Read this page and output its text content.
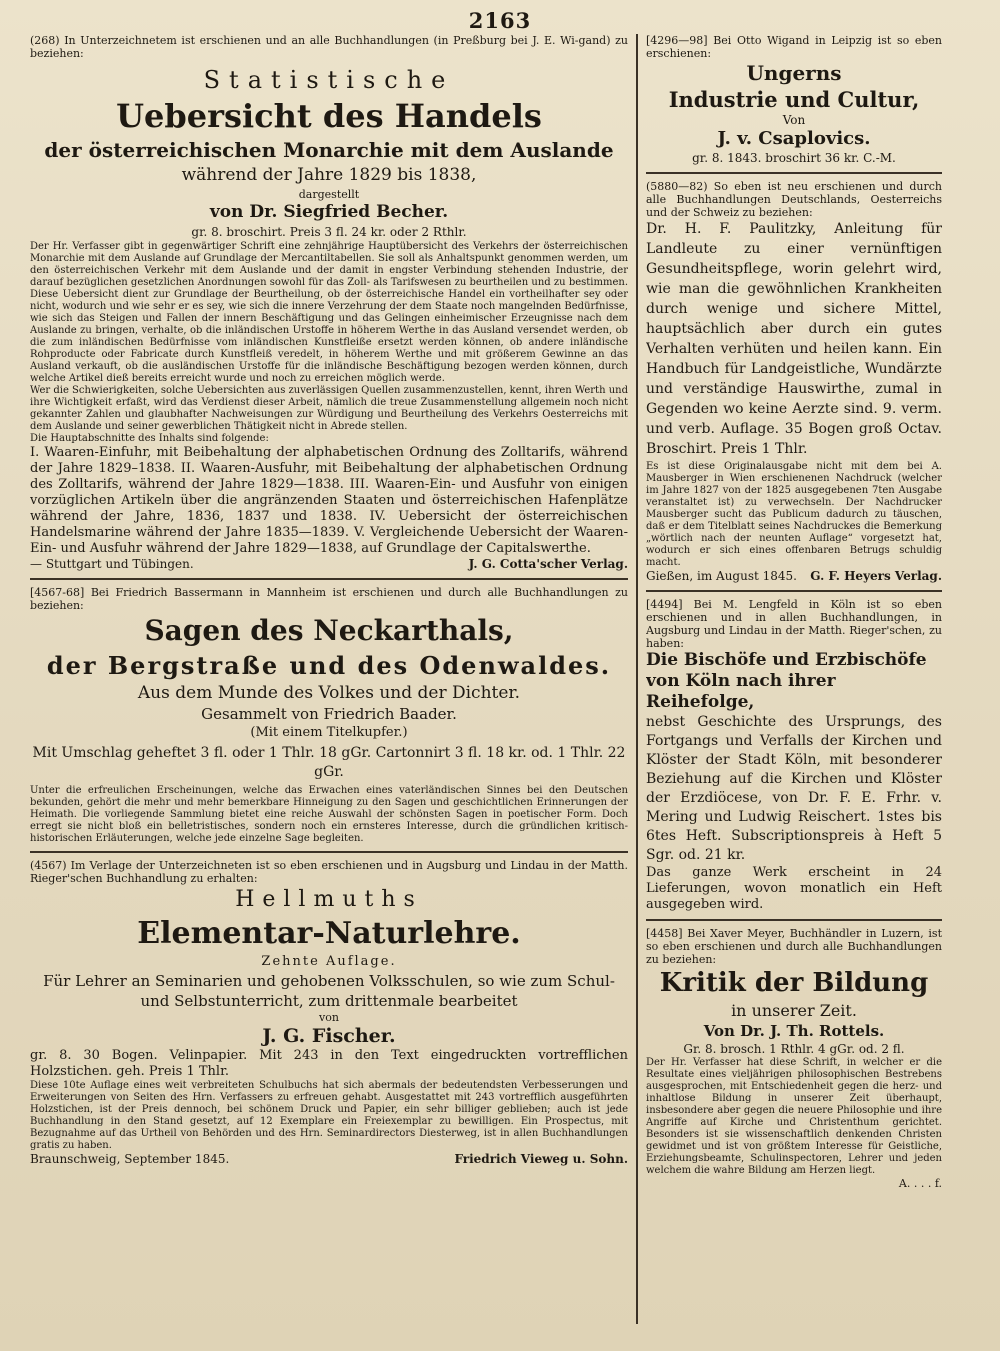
2163

(268) In Unterzeichnetem ist erschienen und an alle Buchhandlungen (in Preßburg bei J. E. Wi-gand) zu beziehen:

Statistische

Uebersicht des Handels

der österreichischen Monarchie mit dem Auslande

während der Jahre 1829 bis 1838,

dargestellt

von Dr. Siegfried Becher.

gr. 8. broschirt. Preis 3 fl. 24 kr. oder 2 Rthlr.

Der Hr. Verfasser gibt in gegenwärtiger Schrift eine zehnjährige Hauptübersicht des Verkehrs der österreichischen Monarchie mit dem Auslande auf Grundlage der Mercantiltabellen. Sie soll als Anhaltspunkt genommen werden, um den österreichischen Verkehr mit dem Auslande und der damit in engster Verbindung stehenden Industrie, der darauf bezüglichen gesetzlichen Anordnungen sowohl für das Zoll- als Tarifswesen zu beurtheilen und zu bestimmen. Diese Uebersicht dient zur Grundlage der Beurtheilung, ob der österreichische Handel ein vortheilhafter sey oder nicht, wodurch und wie sehr er es sey, wie sich die innere Verzehrung der dem Staate noch mangelnden Bedürfnisse, wie sich das Steigen und Fallen der innern Beschäftigung und das Gelingen einheimischer Erzeugnisse nach dem Auslande zu bringen, verhalte, ob die inländischen Urstoffe in höherem Werthe in das Ausland versendet werden, ob die zum inländischen Bedürfnisse vom inländischen Kunstfleiße ersetzt werden können, ob andere inländische Rohproducte oder Fabricate durch Kunstfleiß veredelt, in höherem Werthe und mit größerem Gewinne an das Ausland verkauft, ob die ausländischen Urstoffe für die inländische Beschäftigung bezogen werden können, durch welche Artikel dieß bereits erreicht wurde und noch zu erreichen möglich werde.

Wer die Schwierigkeiten, solche Uebersichten aus zuverlässigen Quellen zusammenzustellen, kennt, ihren Werth und ihre Wichtigkeit erfaßt, wird das Verdienst dieser Arbeit, nämlich die treue Zusammenstellung allgemein noch nicht gekannter Zahlen und glaubhafter Nachweisungen zur Würdigung und Beurtheilung des Verkehrs Oesterreichs mit dem Auslande und seiner gewerblichen Thätigkeit nicht in Abrede stellen.

Die Hauptabschnitte des Inhalts sind folgende:

I. Waaren-Einfuhr, mit Beibehaltung der alphabetischen Ordnung des Zolltarifs, während der Jahre 1829–1838. II. Waaren-Ausfuhr, mit Beibehaltung der alphabetischen Ordnung des Zolltarifs, während der Jahre 1829—1838. III. Waaren-Ein- und Ausfuhr von einigen vorzüglichen Artikeln über die angränzenden Staaten und österreichischen Hafenplätze während der Jahre, 1836, 1837 und 1838. IV. Uebersicht der österreichischen Handelsmarine während der Jahre 1835—1839. V. Vergleichende Uebersicht der Waaren-Ein- und Ausfuhr während der Jahre 1829—1838, auf Grundlage der Capitalswerthe.

— Stuttgart und Tübingen.	J. G. Cotta'scher Verlag.

[4567-68] Bei Friedrich Bassermann in Mannheim ist erschienen und durch alle Buchhandlungen zu beziehen:

Sagen des Neckarthals,

der Bergstraße und des Odenwaldes.

Aus dem Munde des Volkes und der Dichter.

Gesammelt von Friedrich Baader.

(Mit einem Titelkupfer.)

Mit Umschlag geheftet 3 fl. oder 1 Thlr. 18 gGr. Cartonnirt 3 fl. 18 kr. od. 1 Thlr. 22 gGr.

Unter die erfreulichen Erscheinungen, welche das Erwachen eines vaterländischen Sinnes bei den Deutschen bekunden, gehört die mehr und mehr bemerkbare Hinneigung zu den Sagen und geschichtlichen Erinnerungen der Heimath. Die vorliegende Sammlung bietet eine reiche Auswahl der schönsten Sagen in poetischer Form. Doch erregt sie nicht bloß ein belletristisches, sondern noch ein ernsteres Interesse, durch die gründlichen kritisch-historischen Erläuterungen, welche jede einzelne Sage begleiten.

(4567) Im Verlage der Unterzeichneten ist so eben erschienen und in Augsburg und Lindau in der Matth. Rieger'schen Buchhandlung zu erhalten:

Hellmuths

Elementar-Naturlehre.

Zehnte Auflage.

Für Lehrer an Seminarien und gehobenen Volksschulen, so wie zum Schul- und Selbstunterricht, zum drittenmale bearbeitet

von

J. G. Fischer.

gr. 8. 30 Bogen. Velinpapier. Mit 243 in den Text eingedruckten vortrefflichen Holzstichen. geh. Preis 1 Thlr.

Diese 10te Auflage eines weit verbreiteten Schulbuchs hat sich abermals der bedeutendsten Verbesserungen und Erweiterungen von Seiten des Hrn. Verfassers zu erfreuen gehabt. Ausgestattet mit 243 vortrefflich ausgeführten Holzstichen, ist der Preis dennoch, bei schönem Druck und Papier, ein sehr billiger geblieben; auch ist jede Buchhandlung in den Stand gesetzt, auf 12 Exemplare ein Freiexemplar zu bewilligen. Ein Prospectus, mit Bezugnahme auf das Urtheil von Behörden und des Hrn. Seminardirectors Diesterweg, ist in allen Buchhandlungen gratis zu haben.

Braunschweig, September 1845.	Friedrich Vieweg u. Sohn.

[4296—98] Bei Otto Wigand in Leipzig ist so eben erschienen:

Ungerns

Industrie und Cultur,

Von

J. v. Csaplovics.

gr. 8. 1843. broschirt 36 kr. C.-M.

(5880—82) So eben ist neu erschienen und durch alle Buchhandlungen Deutschlands, Oesterreichs und der Schweiz zu beziehen:

Dr. H. F. Paulitzky, Anleitung für Landleute zu einer vernünftigen Gesundheitspflege, worin gelehrt wird, wie man die gewöhnlichen Krankheiten durch wenige und sichere Mittel, hauptsächlich aber durch ein gutes Verhalten verhüten und heilen kann. Ein Handbuch für Landgeistliche, Wundärzte und verständige Hauswirthe, zumal in Gegenden wo keine Aerzte sind. 9. verm. und verb. Auflage. 35 Bogen groß Octav. Broschirt. Preis 1 Thlr.

Es ist diese Originalausgabe nicht mit dem bei A. Mausberger in Wien erschienenen Nachdruck (welcher im Jahre 1827 von der 1825 ausgegebenen 7ten Ausgabe veranstaltet ist) zu verwechseln. Der Nachdrucker Mausberger sucht das Publicum dadurch zu täuschen, daß er dem Titelblatt seines Nachdruckes die Bemerkung „wörtlich nach der neunten Auflage“ vorgesetzt hat, wodurch er sich eines offenbaren Betrugs schuldig macht.

Gießen, im August 1845. G. F. Heyers Verlag.

[4494] Bei M. Lengfeld in Köln ist so eben erschienen und in allen Buchhandlungen, in Augsburg und Lindau in der Matth. Rieger'schen, zu haben:

Die Bischöfe und Erzbischöfe von Köln nach ihrer Reihefolge,

nebst Geschichte des Ursprungs, des Fortgangs und Verfalls der Kirchen und Klöster der Stadt Köln, mit besonderer Beziehung auf die Kirchen und Klöster der Erzdiöcese, von Dr. F. E. Frhr. v. Mering und Ludwig Reischert. 1stes bis 6tes Heft. Subscriptionspreis à Heft 5 Sgr. od. 21 kr.

Das ganze Werk erscheint in 24 Lieferungen, wovon monatlich ein Heft ausgegeben wird.

[4458] Bei Xaver Meyer, Buchhändler in Luzern, ist so eben erschienen und durch alle Buchhandlungen zu beziehen:

Kritik der Bildung

in unserer Zeit.

Von Dr. J. Th. Rottels.

Gr. 8. brosch. 1 Rthlr. 4 gGr. od. 2 fl.

Der Hr. Verfasser hat diese Schrift, in welcher er die Resultate eines vieljährigen philosophischen Bestrebens ausgesprochen, mit Entschiedenheit gegen die herz- und inhaltlose Bildung in unserer Zeit überhaupt, insbesondere aber gegen die neuere Philosophie und ihre Angriffe auf Kirche und Christenthum gerichtet. Besonders ist sie wissenschaftlich denkenden Christen gewidmet und ist von größtem Interesse für Geistliche, Erziehungsbeamte, Schulinspectoren, Lehrer und jeden welchem die wahre Bildung am Herzen liegt.

A. . . . f.
